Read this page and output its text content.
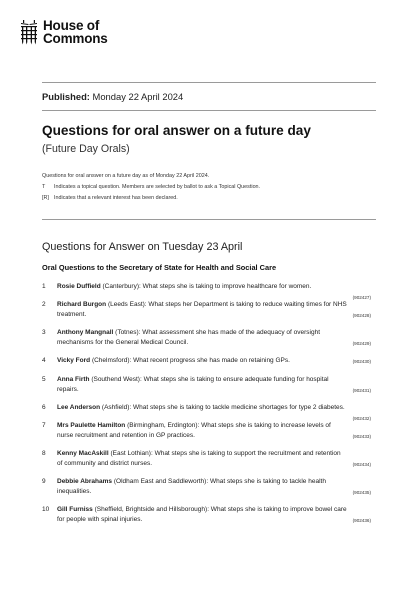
House of
Commons
Published: Monday 22 April 2024
Questions for oral answer on a future day
(Future Day Orals)
Questions for oral answer on a future day as of Monday 22 April 2024.
T	Indicates a topical question. Members are selected by ballot to ask a Topical Question.
[R] Indicates that a relevant interest has been declared.
Questions for Answer on Tuesday 23 April
Oral Questions to the Secretary of State for Health and Social Care
1	Rosie Duffield (Canterbury): What steps she is taking to improve healthcare for women.
(902427)
2	Richard Burgon (Leeds East): What steps her Department is taking to reduce waiting times for NHS treatment.	(902428)
3	Anthony Mangnall (Totnes): What assessment she has made of the adequacy of oversight mechanisms for the General Medical Council.	(902429)
4	Vicky Ford (Chelmsford): What recent progress she has made on retaining GPs.	(902430)
5	Anna Firth (Southend West): What steps she is taking to ensure adequate funding for hospital repairs.	(902431)
6	Lee Anderson (Ashfield): What steps she is taking to tackle medicine shortages for type 2 diabetes.
(902432)
7	Mrs Paulette Hamilton (Birmingham, Erdington): What steps she is taking to increase levels of nurse recruitment and retention in GP practices.	(902433)
8	Kenny MacAskill (East Lothian): What steps she is taking to support the recruitment and retention of community and district nurses.	(902434)
9	Debbie Abrahams (Oldham East and Saddleworth): What steps she is taking to tackle health inequalities.	(902435)
10	Gill Furniss (Sheffield, Brightside and Hillsborough): What steps she is taking to improve bowel care for people with spinal injuries.	(902436)
